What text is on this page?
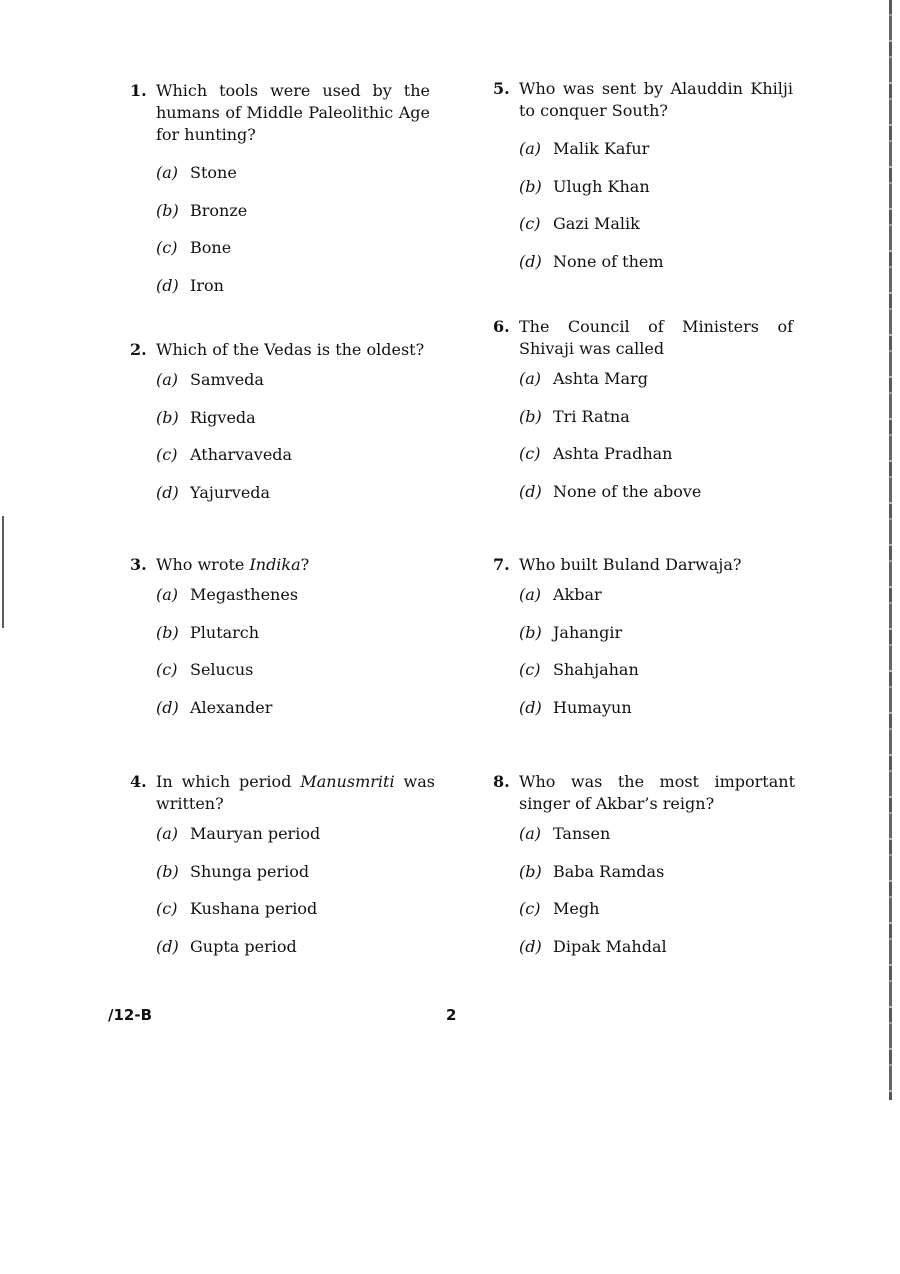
1. Which tools were used by the humans of Middle Paleolithic Age for hunting?
(a) Stone
(b) Bronze
(c) Bone
(d) Iron
2. Which of the Vedas is the oldest?
(a) Samveda
(b) Rigveda
(c) Atharvaveda
(d) Yajurveda
3. Who wrote Indika?
(a) Megasthenes
(b) Plutarch
(c) Selucus
(d) Alexander
4. In which period Manusmriti was written?
(a) Mauryan period
(b) Shunga period
(c) Kushana period
(d) Gupta period
5. Who was sent by Alauddin Khilji to conquer South?
(a) Malik Kafur
(b) Ulugh Khan
(c) Gazi Malik
(d) None of them
6. The Council of Ministers of Shivaji was called
(a) Ashta Marg
(b) Tri Ratna
(c) Ashta Pradhan
(d) None of the above
7. Who built Buland Darwaja?
(a) Akbar
(b) Jahangir
(c) Shahjahan
(d) Humayun
8. Who was the most important singer of Akbar’s reign?
(a) Tansen
(b) Baba Ramdas
(c) Megh
(d) Dipak Mahdal
/12-B	2
